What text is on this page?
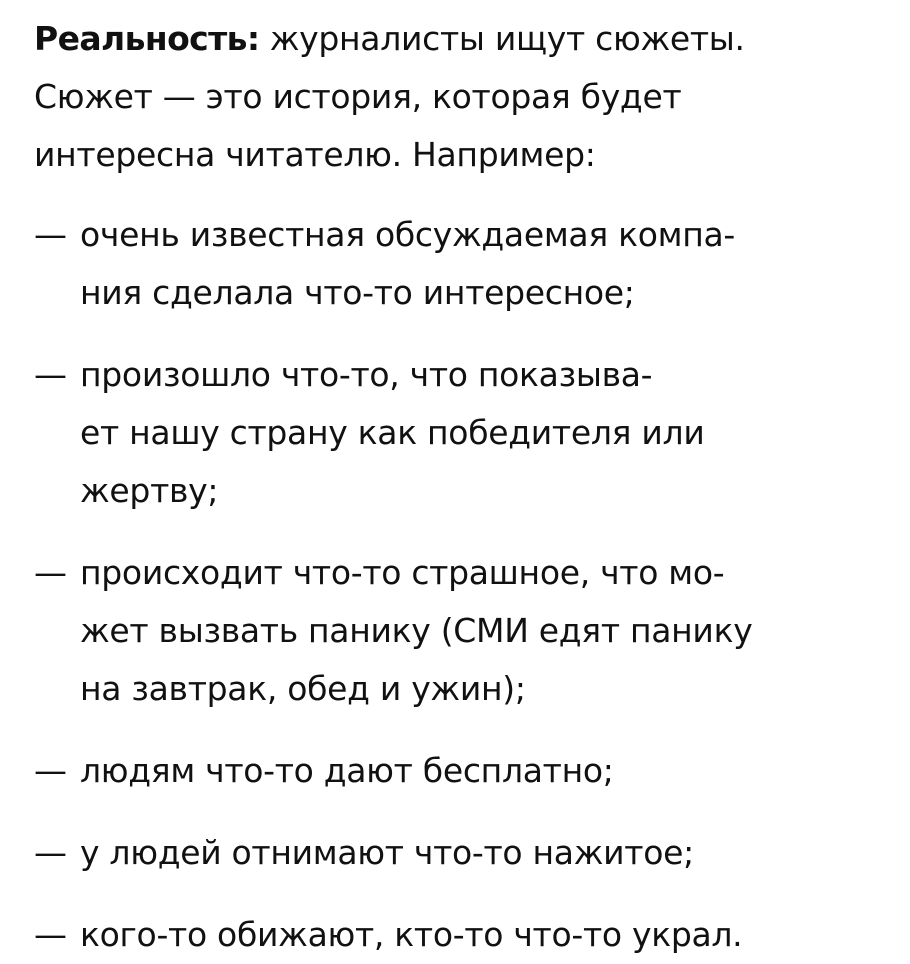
Реальность: журналисты ищут сюжеты.
Сюжет — это история, которая будет
интересна читателю. Например:

— очень известная обсуждаемая компа-
ния сделала что-то интересное;
— произошло что-то, что показыва-
ет нашу страну как победителя или
жертву;
— происходит что-то страшное, что мо-
жет вызвать панику (СМИ едят панику
на завтрак, обед и ужин);
— людям что-то дают бесплатно;
— у людей отнимают что-то нажитое;
— кого-то обижают, кто-то что-то украл.
